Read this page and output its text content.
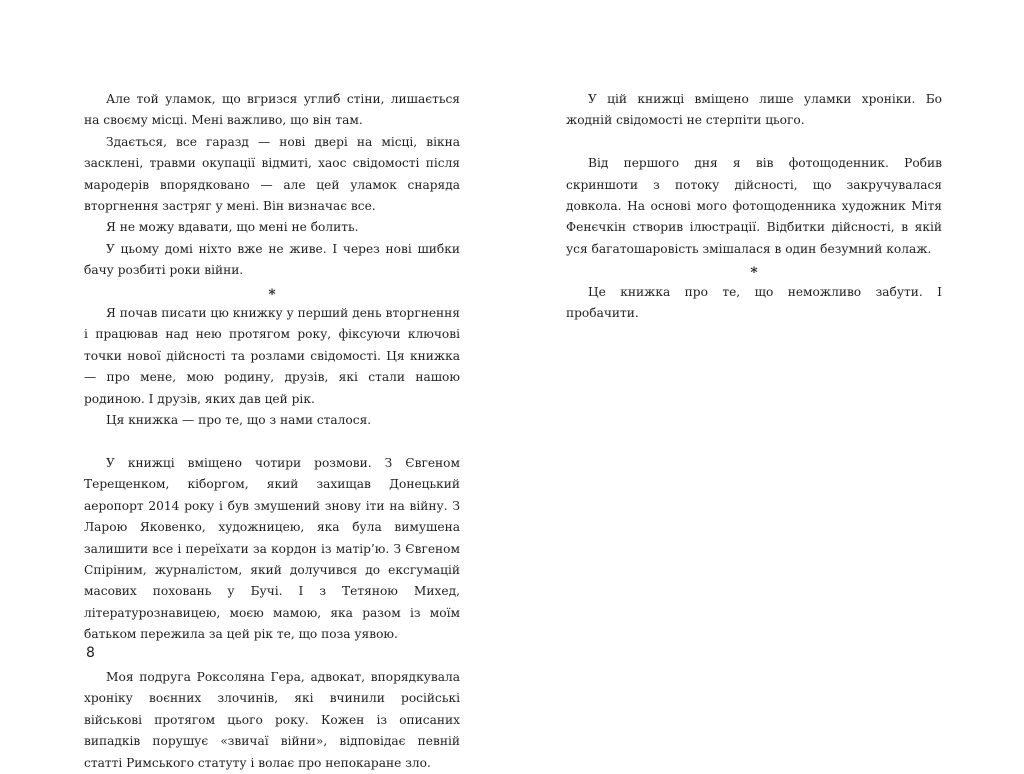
Але той уламок, що вгризся углиб стіни, лишається на своєму місці. Мені важливо, що він там.

Здається, все гаразд — нові двері на місці, вікна засклені, травми окупації відмиті, хаос свідомості після мародерів впорядковано — але цей уламок снаряда вторгнення застряг у мені. Він визначає все.

Я не можу вдавати, що мені не болить.

У цьому домі ніхто вже не живе. І через нові шибки бачу розбиті роки війни.

*

Я почав писати цю книжку у перший день вторгнення і працював над нею протягом року, фіксуючи ключові точки нової дійсності та розлами свідомості. Ця книжка — про мене, мою родину, друзів, які стали нашою родиною. І друзів, яких дав цей рік.

Ця книжка — про те, що з нами сталося.

У книжці вміщено чотири розмови. З Євгеном Терещенком, кіборгом, який захищав Донецький аеропорт 2014 року і був змушений знову іти на війну. З Ларою Яковенко, художницею, яка була вимушена залишити все і переїхати за кордон із матір’ю. З Євгеном Спіріним, журналістом, який долучився до ексгумацій масових поховань у Бучі. І з Тетяною Михед, літературознавицею, моєю мамою, яка разом із моїм батьком пережила за цей рік те, що поза уявою.

Моя подруга Роксоляна Гера, адвокат, впорядкувала хроніку воєнних злочинів, які вчинили російські військові протягом цього року. Кожен із описаних випадків порушує «звичаї війни», відповідає певній статті Римського статуту і волає про непокаране зло.

8

У цій книжці вміщено лише уламки хроніки. Бо жодній свідомості не стерпіти цього.

Від першого дня я вів фотощоденник. Робив скриншоти з потоку дійсності, що закручувалася довкола. На основі мого фотощоденника художник Мітя Фенєчкін створив ілюстрації. Відбитки дійсності, в якій уся багатошаровість змішалася в один безумний колаж.

*

Це книжка про те, що неможливо забути. І пробачити.
